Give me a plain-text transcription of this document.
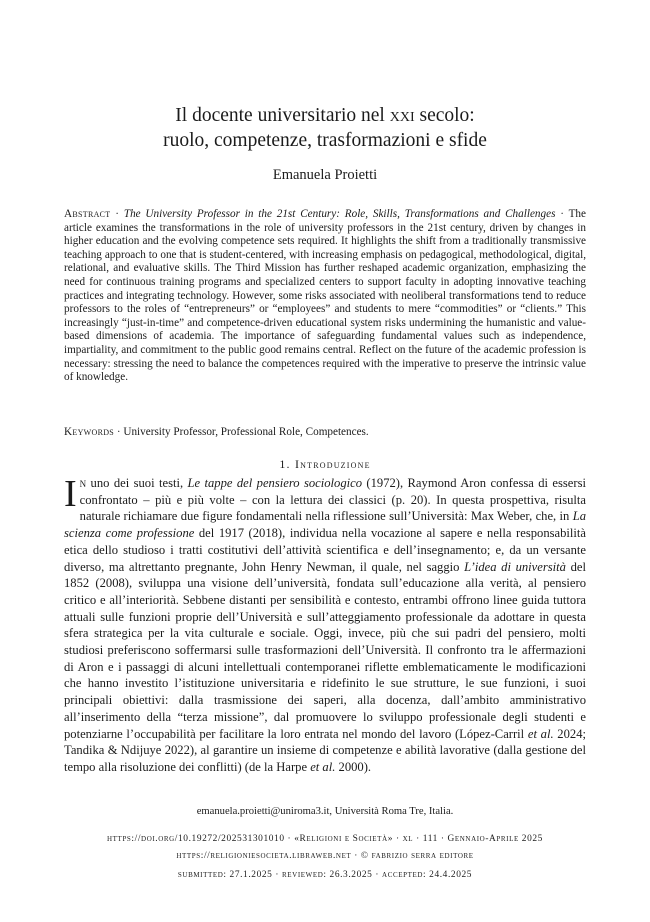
Il docente universitario nel xxi secolo:
ruolo, competenze, trasformazioni e sfide

Emanuela Proietti

Abstract · The University Professor in the 21st Century: Role, Skills, Transformations and Challenges · The article examines the transformations in the role of university professors in the 21st century, driven by changes in higher education and the evolving competence sets required. It highlights the shift from a traditionally transmissive teaching approach to one that is student-centered, with increasing emphasis on pedagogical, methodological, digital, relational, and evaluative skills. The Third Mission has further reshaped academic organization, emphasizing the need for continuous training programs and specialized centers to support faculty in adopting innovative teaching practices and integrating technology. However, some risks associated with neoliberal transformations tend to reduce professors to the roles of “entrepreneurs” or “employees” and students to mere “commodities” or “clients.” This increasingly “just-in-time” and competence-driven educational system risks undermining the humanistic and value-based dimensions of academia. The importance of safeguarding fundamental values such as independence, impartiality, and commitment to the public good remains central. Reflect on the future of the academic profession is necessary: stressing the need to balance the competences required with the imperative to preserve the intrinsic value of knowledge.

Keywords · University Professor, Professional Role, Competences.

1. Introduzione

In uno dei suoi testi, Le tappe del pensiero sociologico (1972), Raymond Aron confessa di essersi confrontato – più e più volte – con la lettura dei classici (p. 20). In questa prospettiva, risulta naturale richiamare due figure fondamentali nella riflessione sull’Università: Max Weber, che, in La scienza come professione del 1917 (2018), individua nella vocazione al sapere e nella responsabilità etica dello studioso i tratti costitutivi dell’attività scientifica e dell’insegnamento; e, da un versante diverso, ma altrettanto pregnante, John Henry Newman, il quale, nel saggio L’idea di università del 1852 (2008), sviluppa una visione dell’università, fondata sull’educazione alla verità, al pensiero critico e all’interiorità. Sebbene distanti per sensibilità e contesto, entrambi offrono linee guida tuttora attuali sulle funzioni proprie dell’Università e sull’atteggiamento professionale da adottare in questa sfera strategica per la vita culturale e sociale. Oggi, invece, più che sui padri del pensiero, molti studiosi preferiscono soffermarsi sulle trasformazioni dell’Università. Il confronto tra le affermazioni di Aron e i passaggi di alcuni intellettuali contemporanei riflette emblematicamente le modificazioni che hanno investito l’istituzione universitaria e ridefinito le sue strutture, le sue funzioni, i suoi principali obiettivi: dalla trasmissione dei saperi, alla docenza, dall’ambito amministrativo all’inserimento della “terza missione”, dal promuovere lo sviluppo professionale degli studenti e potenziarne l’occupabilità per facilitare la loro entrata nel mondo del lavoro (López-Carril et al. 2024; Tandika & Ndijuye 2022), al garantire un insieme di competenze e abilità lavorative (dalla gestione del tempo alla risoluzione dei conflitti) (de la Harpe et al. 2000).

emanuela.proietti@uniroma3.it, Università Roma Tre, Italia.

https://doi.org/10.19272/202531301010 · «Religioni e Società» · xl · 111 · Gennaio-Aprile 2025

https://religioniesocieta.libraweb.net · © fabrizio serra editore

submitted: 27.1.2025 · reviewed: 26.3.2025 · accepted: 24.4.2025
